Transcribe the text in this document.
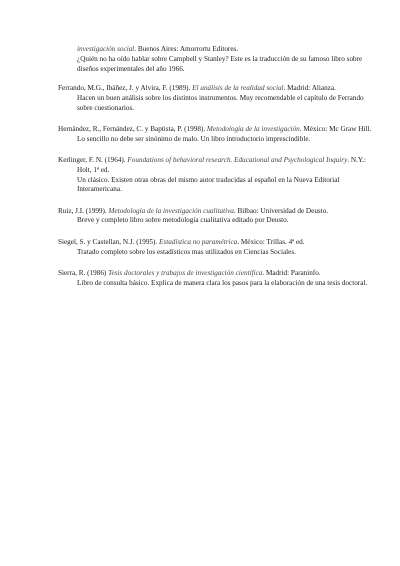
investigación social. Buenos Aires: Amorrortu Editores.
¿Quién no ha oído hablar sobre Campbell y Stanley? Este es la traducción de su famoso libro sobre diseños experimentales del año 1966.
Ferrando, M.G., Ibáñez, J. y Alvira, F. (1989). El análisis de la realidad social. Madrid: Alianza.
Hacen un buen análisis sobre los distintos instrumentos. Muy recomendable el capítulo de Ferrando sobre cuestionarios.
Hernández, R., Fernández, C. y Baptista, P. (1998). Metodología de la investigación. México: Mc Graw Hill.
Lo sencillo no debe ser sinónimo de malo. Un libro introductorio imprescindible.
Kerlinger, F. N. (1964). Foundations of behavioral research. Educational and Psychological Inquiry. N.Y.: Holt, 1ª ed.
Un clásico. Existen otras obras del mismo autor traducidas al español en la Nueva Editorial Interamericana.
Ruiz, J.I. (1999). Metodología de la investigación cualitativa. Bilbao: Universidad de Deusto.
Breve y completo libro sobre metodología cualitativa editado por Deusto.
Siegel, S. y Castellan, N.J. (1995). Estadística no paramétrica. México: Trillas. 4ª ed.
Tratado completo sobre los estadísticos mas utilizados en Ciencias Sociales.
Sierra, R. (1986) Tesis doctorales y trabajos de investigación científica. Madrid: Paraninfo.
Libro de consulta básico. Explica de manera clara los pasos para la elaboración de una tesis doctoral.
